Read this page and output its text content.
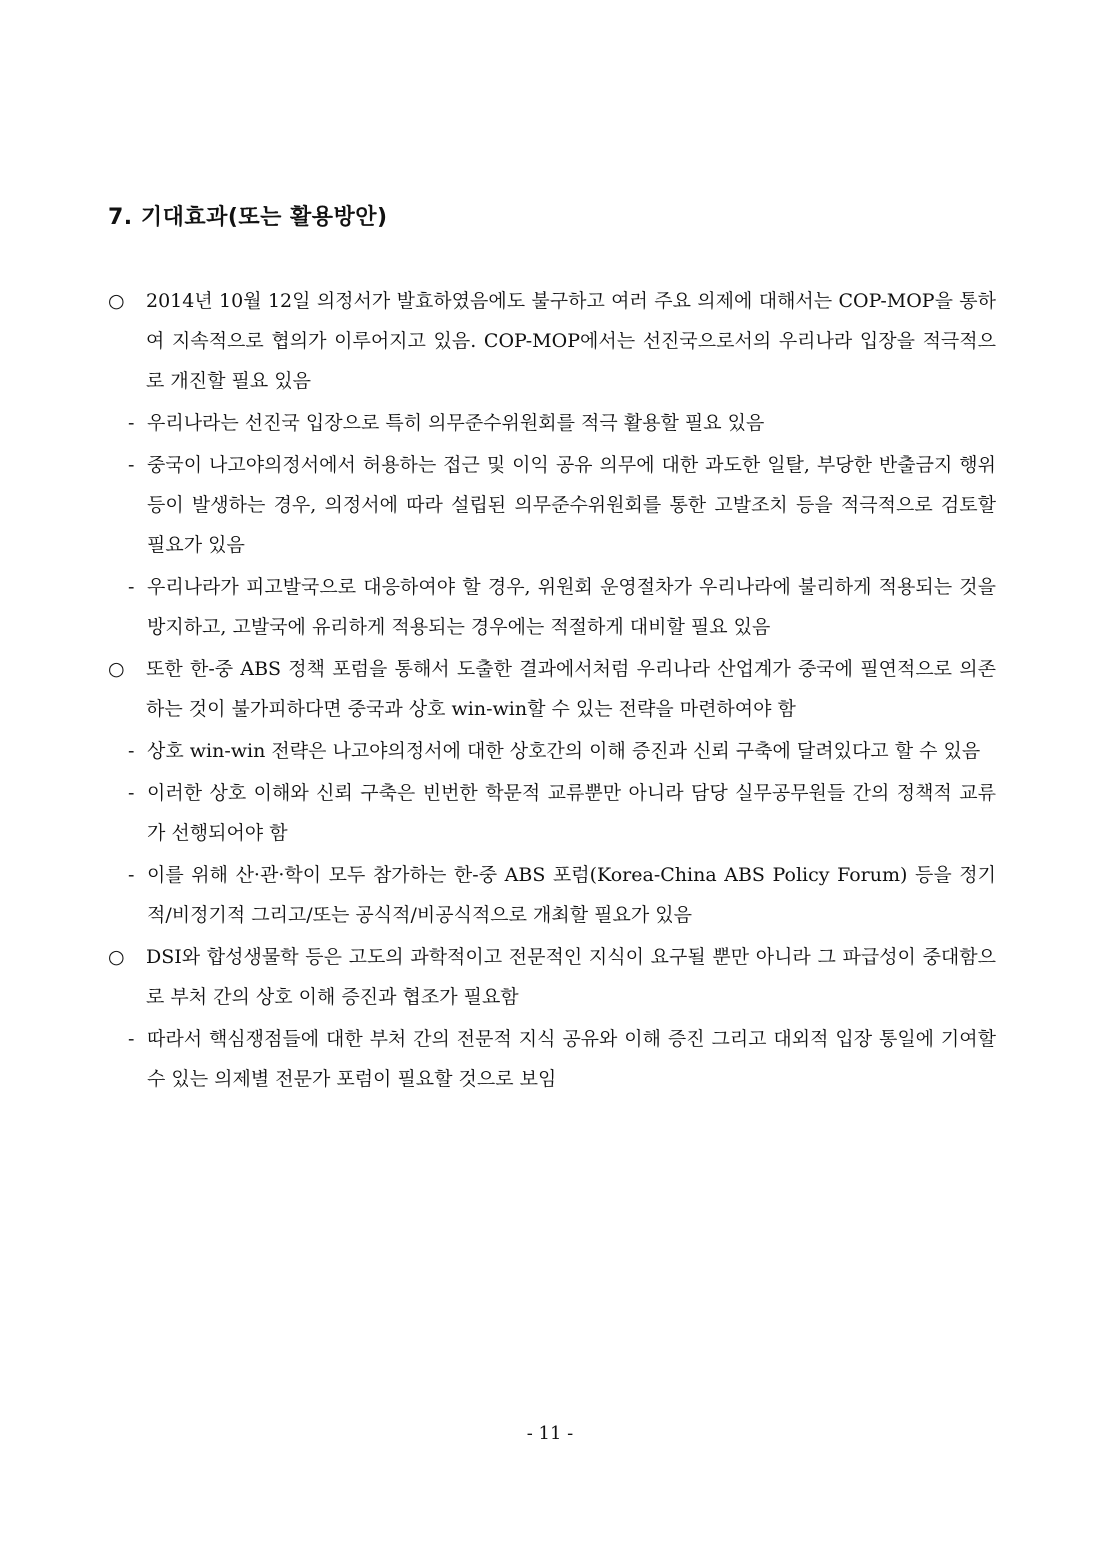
7. 기대효과(또는 활용방안)
○	2014년 10월 12일 의정서가 발효하였음에도 불구하고 여러 주요 의제에 대해서는 COP-MOP을 통하여 지속적으로 협의가 이루어지고 있음. COP-MOP에서는 선진국으로서의 우리나라 입장을 적극적으로 개진할 필요 있음
- 우리나라는 선진국 입장으로 특히 의무준수위원회를 적극 활용할 필요 있음
- 중국이 나고야의정서에서 허용하는 접근 및 이익 공유 의무에 대한 과도한 일탈, 부당한 반출금지 행위 등이 발생하는 경우, 의정서에 따라 설립된 의무준수위원회를 통한 고발조치 등을 적극적으로 검토할 필요가 있음
- 우리나라가 피고발국으로 대응하여야 할 경우, 위원회 운영절차가 우리나라에 불리하게 적용되는 것을 방지하고, 고발국에 유리하게 적용되는 경우에는 적절하게 대비할 필요 있음
○	또한 한-중 ABS 정책 포럼을 통해서 도출한 결과에서처럼 우리나라 산업계가 중국에 필연적으로 의존하는 것이 불가피하다면 중국과 상호 win-win할 수 있는 전략을 마련하여야 함
- 상호 win-win 전략은 나고야의정서에 대한 상호간의 이해 증진과 신뢰 구축에 달려있다고 할 수 있음
- 이러한 상호 이해와 신뢰 구축은 빈번한 학문적 교류뿐만 아니라 담당 실무공무원들 간의 정책적 교류가 선행되어야 함
- 이를 위해 산·관·학이 모두 참가하는 한-중 ABS 포럼(Korea-China ABS Policy Forum) 등을 정기적/비정기적 그리고/또는 공식적/비공식적으로 개최할 필요가 있음
○	DSI와 합성생물학 등은 고도의 과학적이고 전문적인 지식이 요구될 뿐만 아니라 그 파급성이 중대함으로 부처 간의 상호 이해 증진과 협조가 필요함
- 따라서 핵심쟁점들에 대한 부처 간의 전문적 지식 공유와 이해 증진 그리고 대외적 입장 통일에 기여할 수 있는 의제별 전문가 포럼이 필요할 것으로 보임
- 11 -
